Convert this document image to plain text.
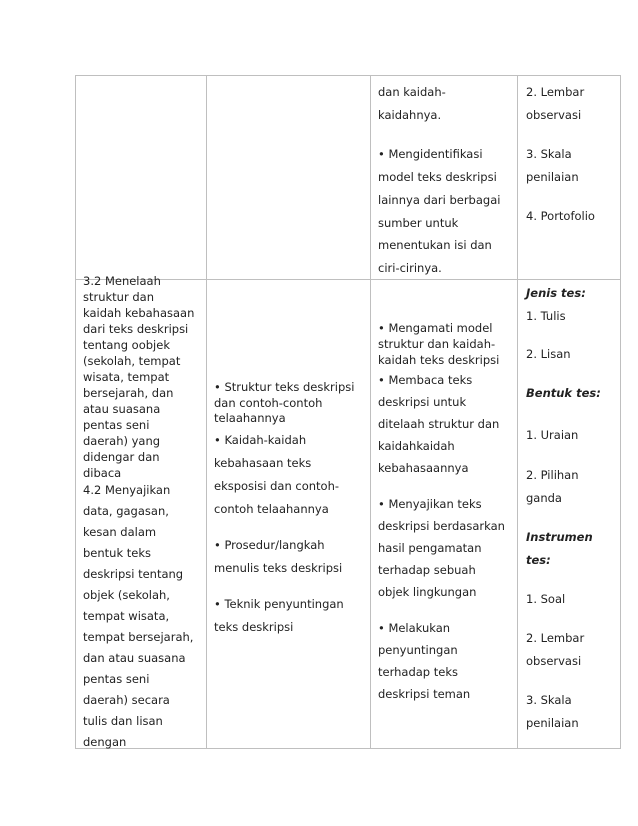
dan kaidah-
kaidahnya.
• Mengidentifikasi
model teks deskripsi
lainnya dari berbagai
sumber untuk
menentukan isi dan
ciri-cirinya.
2. Lembar
observasi
3. Skala
penilaian
4. Portofolio
3.2 Menelaah
struktur dan
kaidah kebahasaan
dari teks deskripsi
tentang oobjek
(sekolah, tempat
wisata, tempat
bersejarah, dan
atau suasana
pentas seni
daerah) yang
didengar dan
dibaca
4.2 Menyajikan
data, gagasan,
kesan dalam
bentuk teks
deskripsi tentang
objek (sekolah,
tempat wisata,
tempat bersejarah,
dan atau suasana
pentas seni
daerah) secara
tulis dan lisan
dengan
• Struktur teks deskripsi
dan contoh-contoh
telaahannya
• Kaidah-kaidah
kebahasaan teks
eksposisi dan contoh-
contoh telaahannya
• Prosedur/langkah
menulis teks deskripsi
• Teknik penyuntingan
teks deskripsi
• Mengamati model
struktur dan kaidah-
kaidah teks deskripsi
• Membaca teks
deskripsi untuk
ditelaah struktur dan
kaidahkaidah
kebahasaannya
• Menyajikan teks
deskripsi berdasarkan
hasil pengamatan
terhadap sebuah
objek lingkungan
• Melakukan
penyuntingan
terhadap teks
deskripsi teman
Jenis tes:
1. Tulis
2. Lisan
Bentuk tes:
1. Uraian
2. Pilihan
ganda
Instrumen
tes:
1. Soal
2. Lembar
observasi
3. Skala
penilaian
